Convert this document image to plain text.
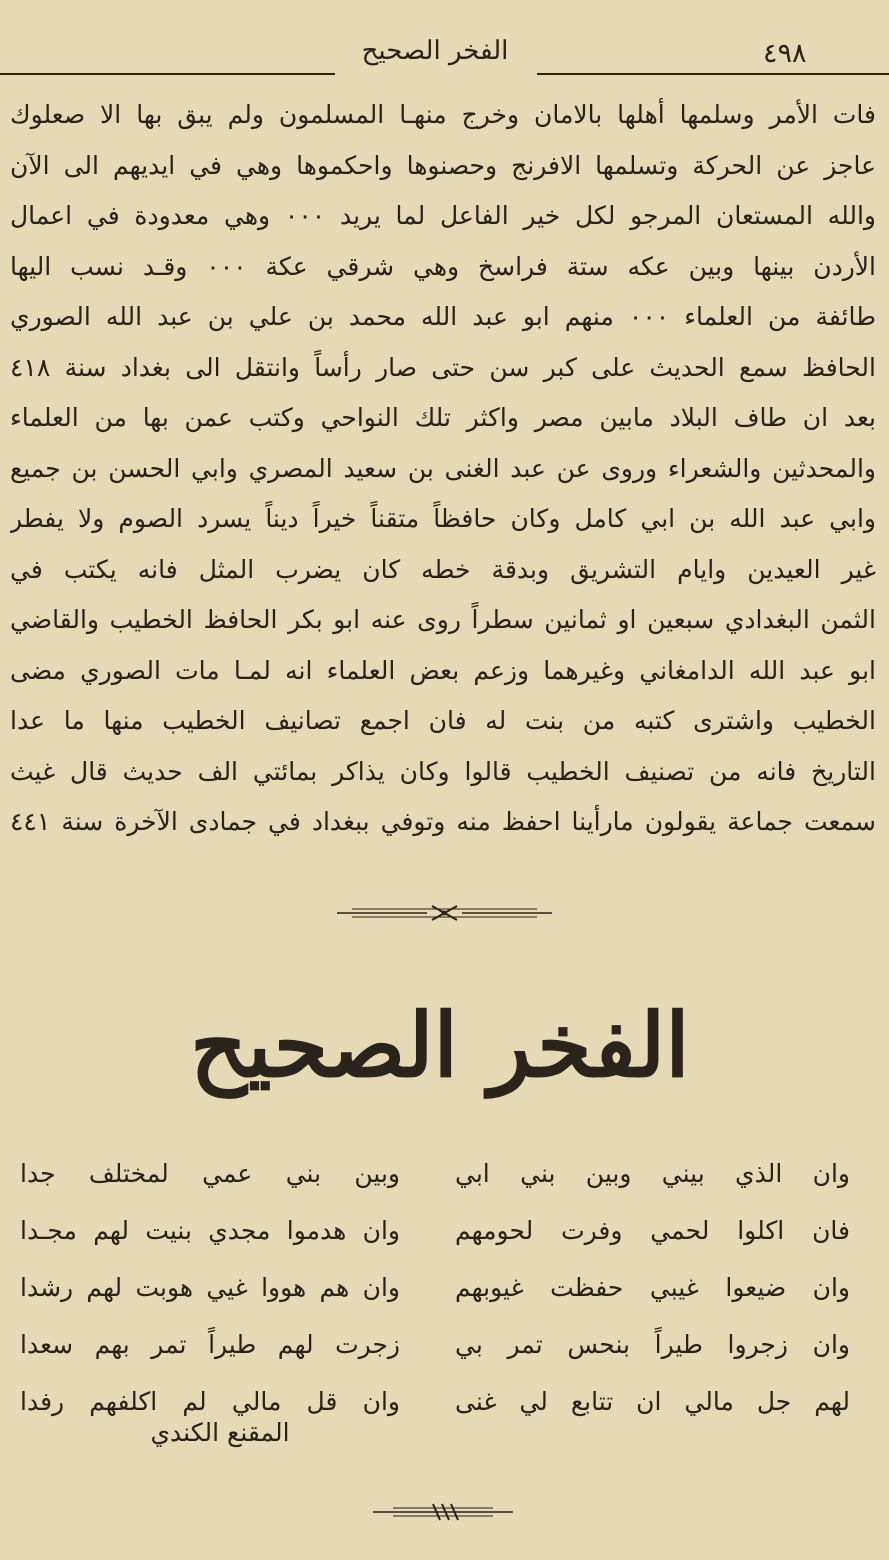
الفخر الصحيح	٤٩٨
فات الأمر وسلمها أهلها بالامان وخرج منهـا المسلمون ولم يبق بها الا صعلوك
عاجز عن الحركة وتسلمها الافرنج وحصنوها واحكموها وهي في ايديهم الى الآن
والله المستعان المرجو لكل خير الفاعل لما يريد ٠٠٠ وهي معدودة في اعمال
الأردن بينها وبين عكه ستة فراسخ وهي شرقي عكة ٠٠٠ وقـد نسب اليها
طائفة من العلماء ٠٠٠ منهم ابو عبد الله محمد بن علي بن عبد الله الصوري
الحافظ سمع الحديث على كبر سن حتى صار رأساً وانتقل الى بغداد سنة ٤١٨
بعد ان طاف البلاد مابين مصر واكثر تلك النواحي وكتب عمن بها من العلماء
والمحدثين والشعراء وروى عن عبد الغنى بن سعيد المصري وابي الحسن بن جميع
وابي عبد الله بن ابي كامل وكان حافظاً متقناً خيراً ديناً يسرد الصوم ولا يفطر
غير العيدين وايام التشريق وبدقة خطه كان يضرب المثل فانه يكتب في
الثمن البغدادي سبعين او ثمانين سطراً روى عنه ابو بكر الحافظ الخطيب والقاضي
ابو عبد الله الدامغاني وغيرهما وزعم بعض العلماء انه لمـا مات الصوري مضى
الخطيب واشترى كتبه من بنت له فان اجمع تصانيف الخطيب منها ما عدا
التاريخ فانه من تصنيف الخطيب قالوا وكان يذاكر بمائتي الف حديث قال غيث
سمعت جماعة يقولون مارأينا احفظ منه وتوفي ببغداد في جمادى الآخرة سنة ٤٤١
الفخر الصحيح
وان الذي بيني وبين بني ابي
وبين بني عمي لمختلف جدا
فان اكلوا لحمي وفرت لحومهم
وان هدموا مجدي بنيت لهم مجـدا
وان ضيعوا غيبي حفظت غيوبهم
وان هم هووا غيي هوبت لهم رشدا
وان زجروا طيراً بنحس تمر بي
زجرت لهم طيراً تمر بهم سعدا
لهم جل مالي ان تتابع لي غنى
وان قل مالي لم اكلفهم رفدا
المقنع الكندي
